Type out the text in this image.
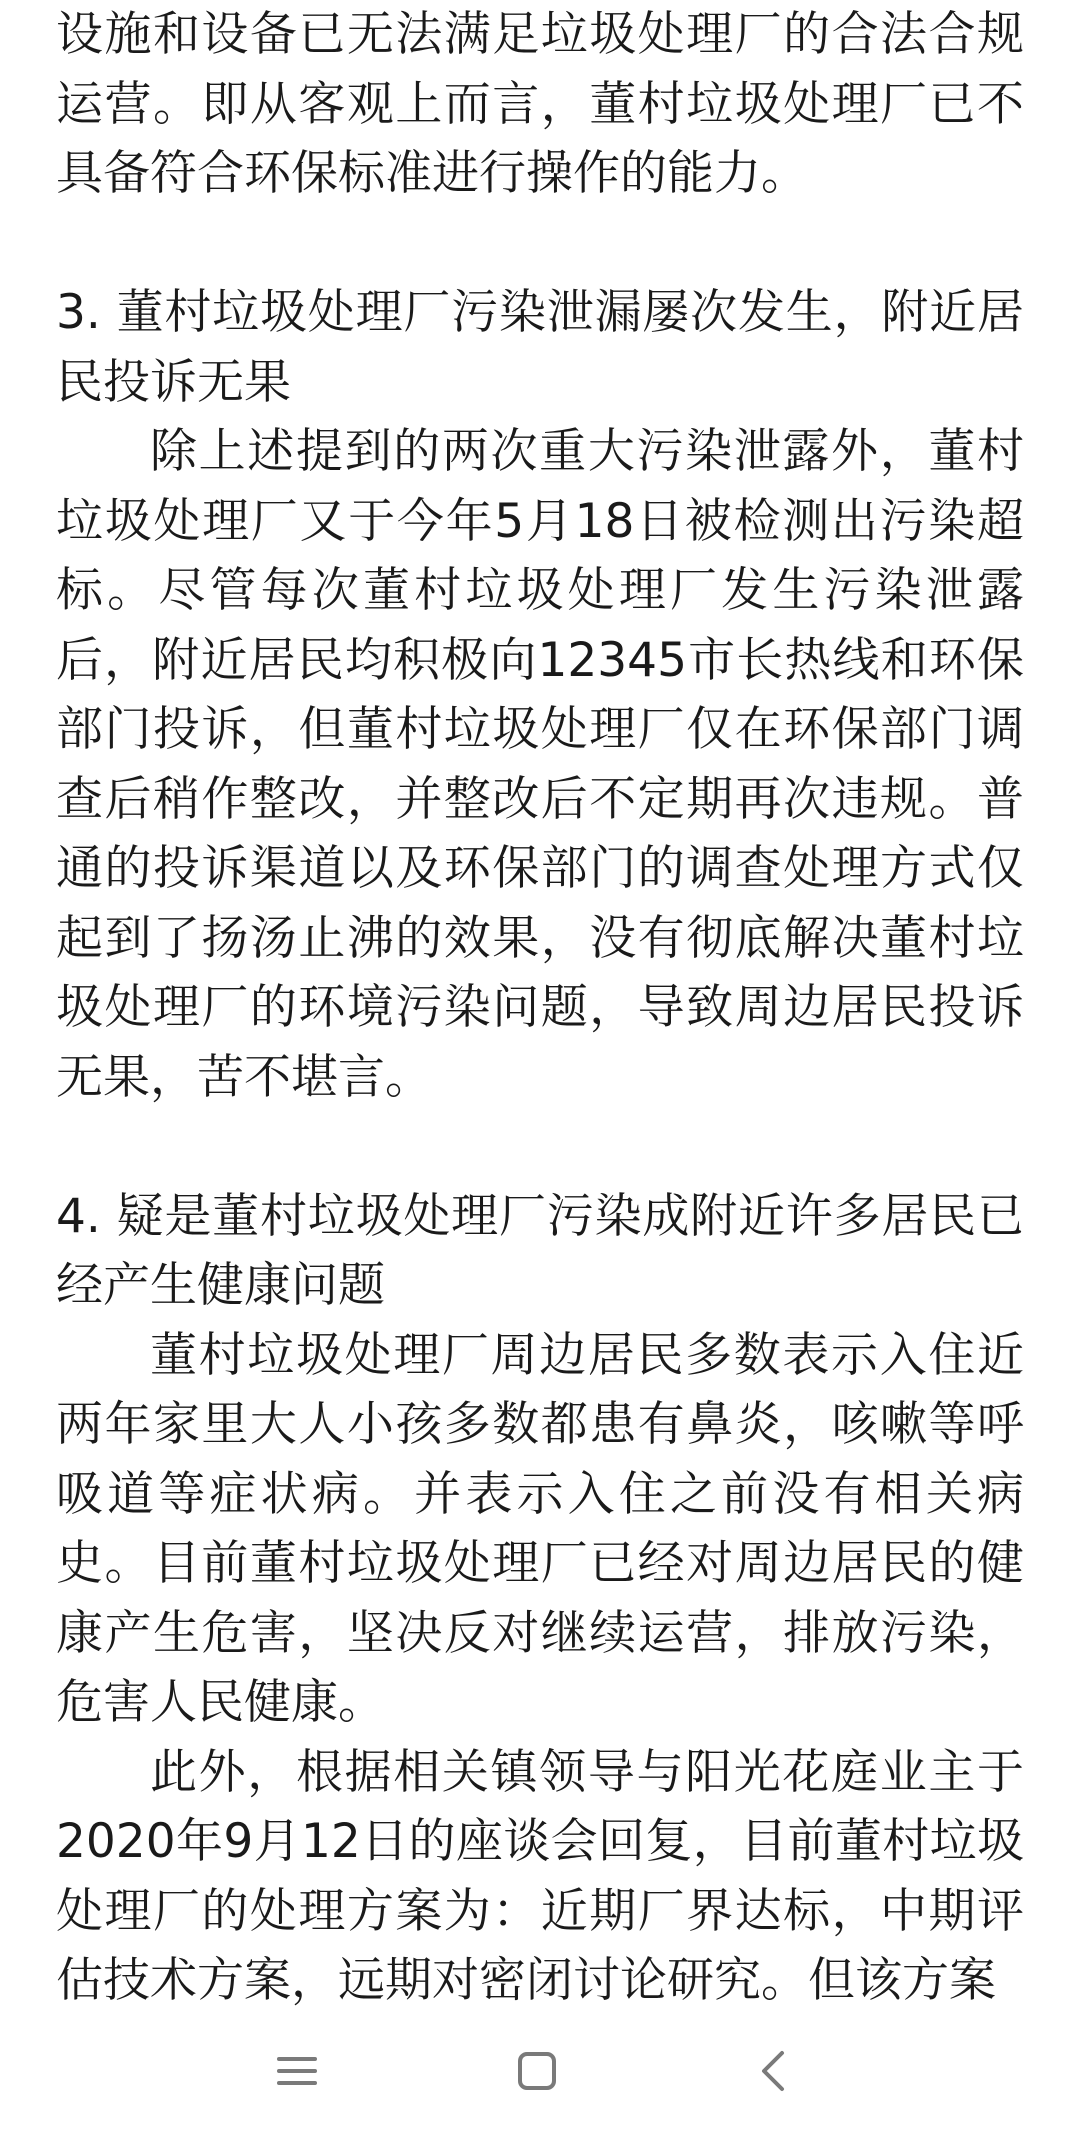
设施和设备已无法满足垃圾处理厂的合法合规运营。即从客观上而言，董村垃圾处理厂已不具备符合环保标准进行操作的能力。

3. 董村垃圾处理厂污染泄漏屡次发生，附近居民投诉无果

除上述提到的两次重大污染泄露外，董村垃圾处理厂又于今年5月18日被检测出污染超标。尽管每次董村垃圾处理厂发生污染泄露后，附近居民均积极向12345市长热线和环保部门投诉，但董村垃圾处理厂仅在环保部门调查后稍作整改，并整改后不定期再次违规。普通的投诉渠道以及环保部门的调查处理方式仅起到了扬汤止沸的效果，没有彻底解决董村垃圾处理厂的环境污染问题，导致周边居民投诉无果，苦不堪言。

4. 疑是董村垃圾处理厂污染成附近许多居民已经产生健康问题

董村垃圾处理厂周边居民多数表示入住近两年家里大人小孩多数都患有鼻炎，咳嗽等呼吸道等症状病。并表示入住之前没有相关病史。目前董村垃圾处理厂已经对周边居民的健康产生危害，坚决反对继续运营，排放污染，危害人民健康。

此外，根据相关镇领导与阳光花庭业主于2020年9月12日的座谈会回复，目前董村垃圾处理厂的处理方案为：近期厂界达标，中期评估技术方案，远期对密闭讨论研究。但该方案
